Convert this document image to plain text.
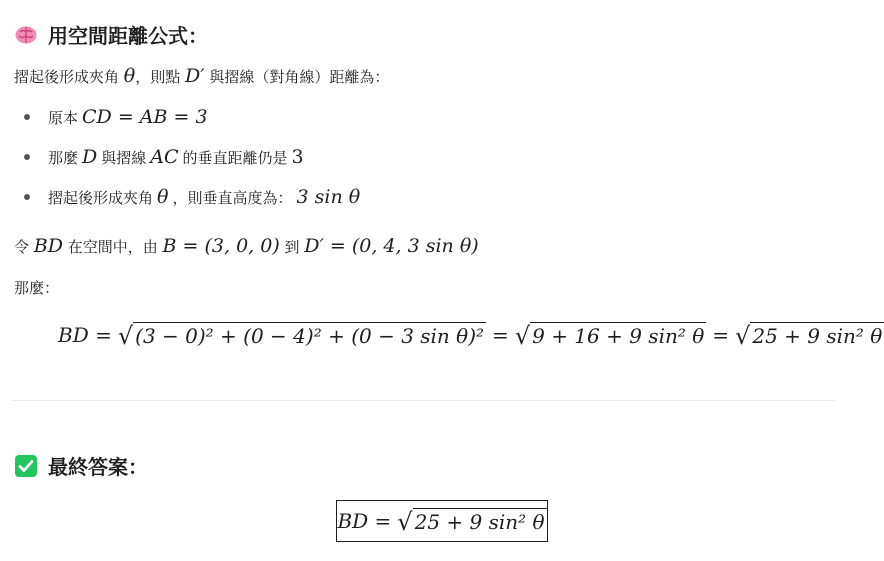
用空間距離公式：
摺起後形成夾角 θ，則點 D′ 與摺線（對角線）距離為：
原本 CD = AB = 3
那麼 D 與摺線 AC 的垂直距離仍是 3
摺起後形成夾角 θ ，則垂直高度為： 3 sin θ
令 BD 在空間中，由 B = (3, 0, 0) 到 D′ = (0, 4, 3 sin θ)
那麼：
BD = √ (3 − 0)² + (0 − 4)² + (0 − 3 sin θ)² = √ 9 + 16 + 9 sin² θ = √ 25 + 9 sin² θ
最終答案：
BD = √ 25 + 9 sin² θ
